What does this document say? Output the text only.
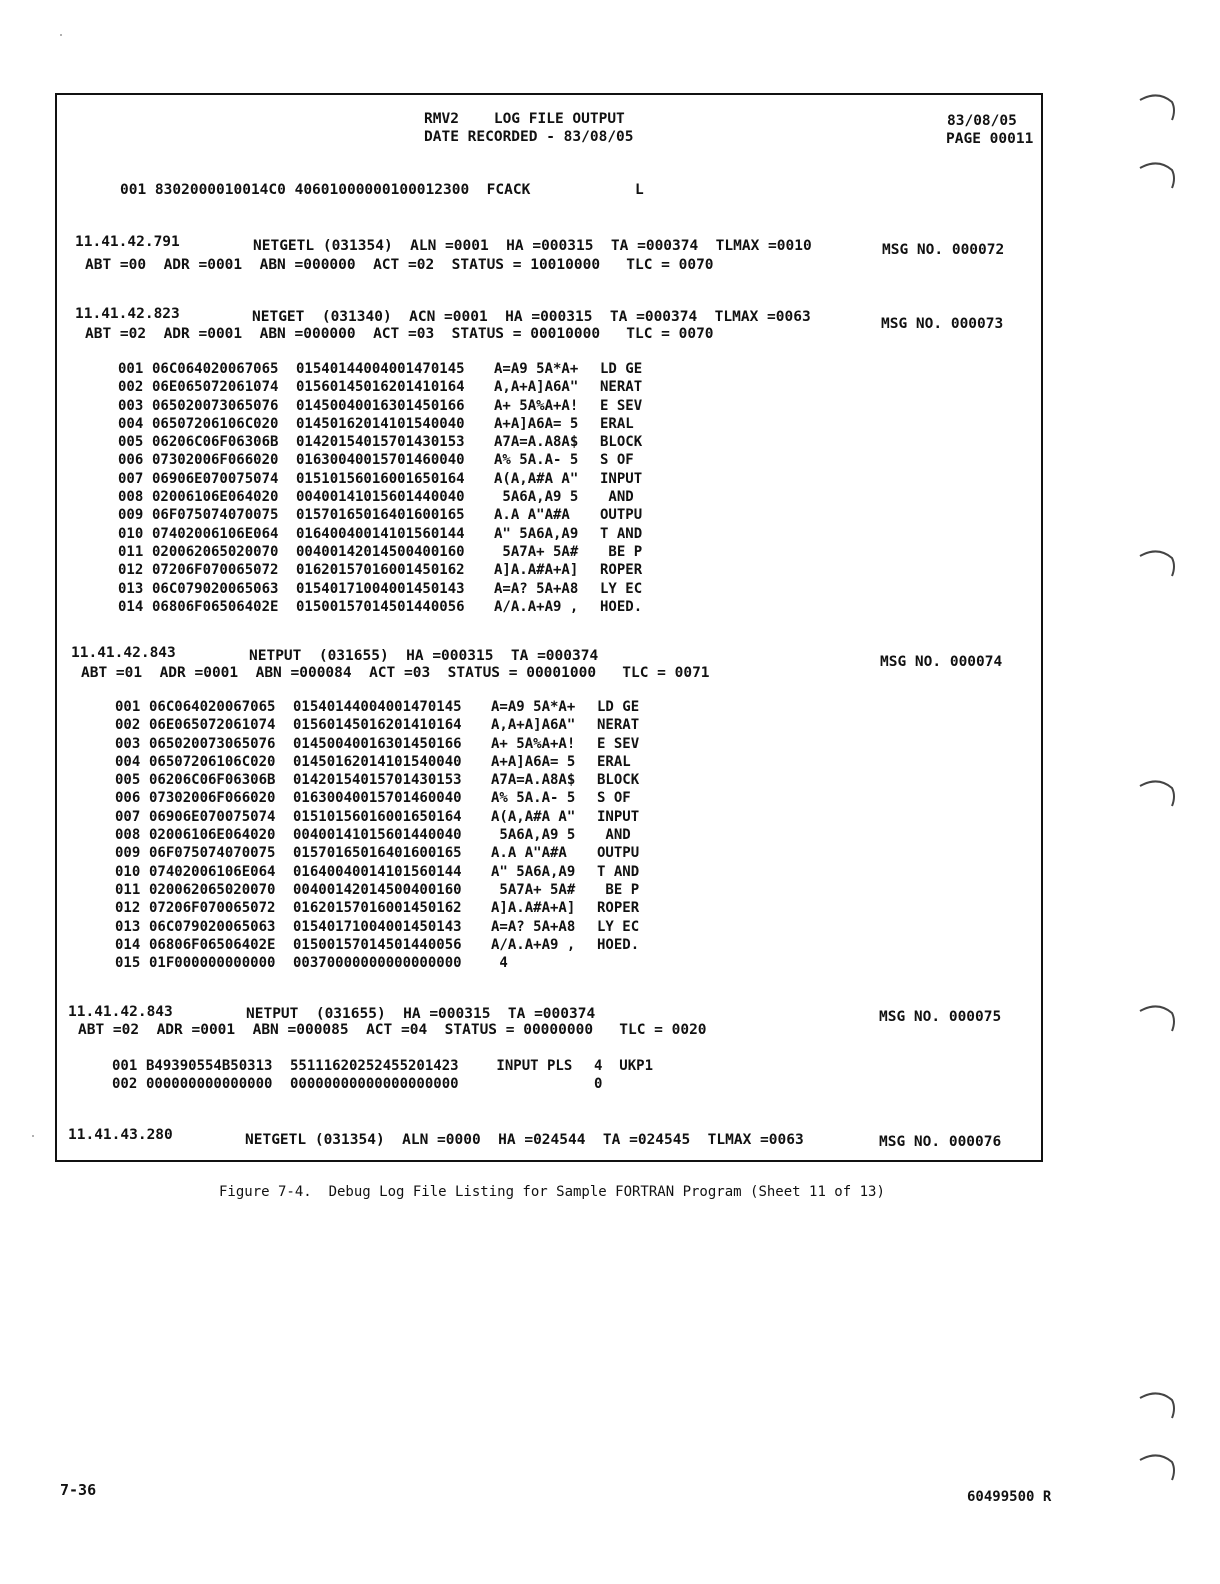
RMV2 LOG FILE OUTPUT
DATE RECORDED - 83/08/05
83/08/05
PAGE 00011
001 8302000010014C0 40601000000100012300  FCACK            L
11.41.42.791	NETGETL (031354)  ALN =0001  HA =000315  TA =000374  TLMAX =0010
ABT =00  ADR =0001  ABN =000000  ACT =02  STATUS = 10010000   TLC = 0070
MSG NO. 000072
11.41.42.823	NETGET  (031340)  ACN =0001  HA =000315  TA =000374  TLMAX =0063
ABT =02  ADR =0001  ABN =000000  ACT =03  STATUS = 00010000   TLC = 0070
MSG NO. 000073
001 06C064020067065 01540144004001470145 A=A9 5A*A+ LD GE
002 06E065072061074 01560145016201410164 A,A+A]A6A" NERAT
003 065020073065076 01450040016301450166 A+ 5A%A+A! E SEV
004 06507206106C020 01450162014101540040 A+A]A6A= 5 ERAL
005 06206C06F06306B 01420154015701430153 A7A=A.A8A$ BLOCK
006 07302006F066020 01630040015701460040 A% 5A.A- 5 S OF
007 06906E070075074 01510156016001650164 A(A,A#A A" INPUT
008 02006106E064020 00400141015601440040 5A6A,A9 5 AND
009 06F075074070075 01570165016401600165 A.A A"A#A OUTPU
010 07402006106E064 01640040014101560144 A" 5A6A,A9 T AND
011 020062065020070 00400142014500400160 5A7A+ 5A# BE P
012 07206F070065072 01620157016001450162 A]A.A#A+A] ROPER
013 06C079020065063 01540171004001450143 A=A? 5A+A8 LY EC
014 06806F06506402E 01500157014501440056 A/A.A+A9 , HOED.
11.41.42.843	NETPUT  (031655)  HA =000315  TA =000374
ABT =01  ADR =0001  ABN =000084  ACT =03  STATUS = 00001000   TLC = 0071
MSG NO. 000074
001 06C064020067065 01540144004001470145 A=A9 5A*A+ LD GE
002 06E065072061074 01560145016201410164 A,A+A]A6A" NERAT
003 065020073065076 01450040016301450166 A+ 5A%A+A! E SEV
004 06507206106C020 01450162014101540040 A+A]A6A= 5 ERAL
005 06206C06F06306B 01420154015701430153 A7A=A.A8A$ BLOCK
006 07302006F066020 01630040015701460040 A% 5A.A- 5 S OF
007 06906E070075074 01510156016001650164 A(A,A#A A" INPUT
008 02006106E064020 00400141015601440040 5A6A,A9 5 AND
009 06F075074070075 01570165016401600165 A.A A"A#A OUTPU
010 07402006106E064 01640040014101560144 A" 5A6A,A9 T AND
011 020062065020070 00400142014500400160 5A7A+ 5A# BE P
012 07206F070065072 01620157016001450162 A]A.A#A+A] ROPER
013 06C079020065063 01540171004001450143 A=A? 5A+A8 LY EC
014 06806F06506402E 01500157014501440056 A/A.A+A9 , HOED.
015 01F000000000000 00370000000000000000 4
11.41.42.843	NETPUT  (031655)  HA =000315  TA =000374
ABT =02  ADR =0001  ABN =000085  ACT =04  STATUS = 00000000   TLC = 0020
MSG NO. 000075
001 B49390554B50313 55111620252455201423 INPUT PLS 4  UKP1
002 000000000000000 00000000000000000000	0
11.41.43.280	NETGETL (031354)  ALN =0000  HA =024544  TA =024545  TLMAX =0063	MSG NO. 000076
Figure 7-4.  Debug Log File Listing for Sample FORTRAN Program (Sheet 11 of 13)
7-36	60499500 R
